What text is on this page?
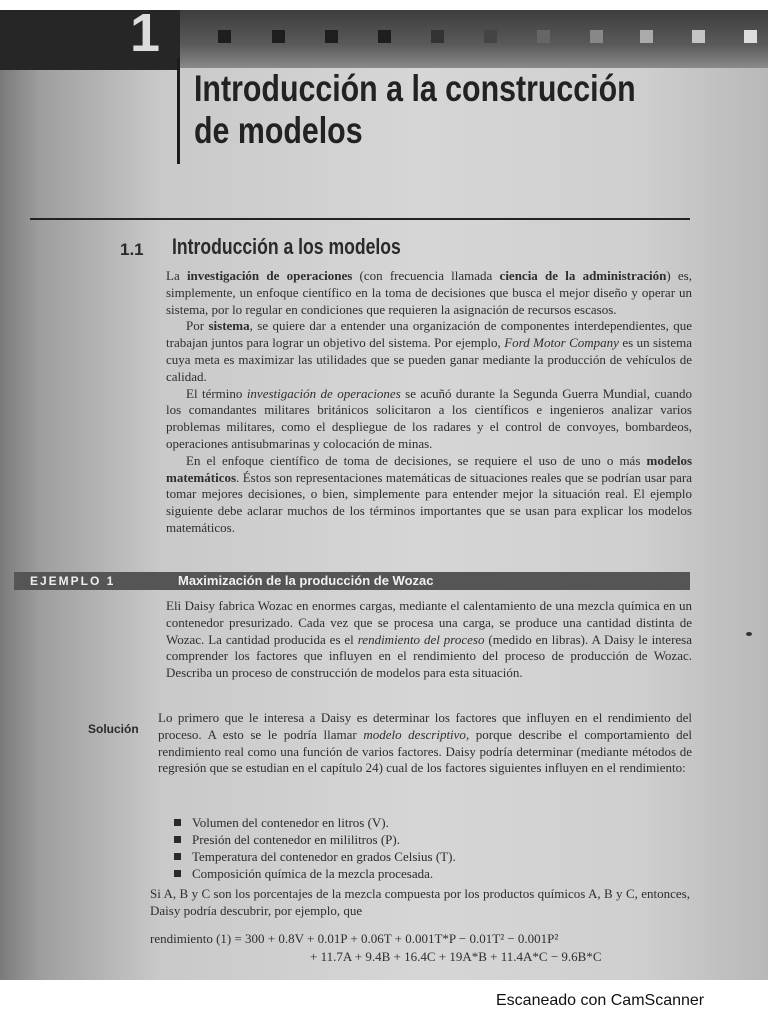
1
Introducción a la construcción
de modelos
1.1 Introducción a los modelos

La investigación de operaciones (con frecuencia llamada ciencia de la administración) es, simplemente, un enfoque científico en la toma de decisiones que busca el mejor diseño y operar un sistema, por lo regular en condiciones que requieren la asignación de recursos escasos.

Por sistema, se quiere dar a entender una organización de componentes interdependientes, que trabajan juntos para lograr un objetivo del sistema. Por ejemplo, Ford Motor Company es un sistema cuya meta es maximizar las utilidades que se pueden ganar mediante la producción de vehículos de calidad.

El término investigación de operaciones se acuñó durante la Segunda Guerra Mundial, cuando los comandantes militares británicos solicitaron a los científicos e ingenieros analizar varios problemas militares, como el despliegue de los radares y el control de convoyes, bombardeos, operaciones antisubmarinas y colocación de minas.

En el enfoque científico de toma de decisiones, se requiere el uso de uno o más modelos matemáticos. Éstos son representaciones matemáticas de situaciones reales que se podrían usar para tomar mejores decisiones, o bien, simplemente para entender mejor la situación real. El ejemplo siguiente debe aclarar muchos de los términos importantes que se usan para explicar los modelos matemáticos.

EJEMPLO 1	Maximización de la producción de Wozac

Eli Daisy fabrica Wozac en enormes cargas, mediante el calentamiento de una mezcla química en un contenedor presurizado. Cada vez que se procesa una carga, se produce una cantidad distinta de Wozac. La cantidad producida es el rendimiento del proceso (medido en libras). A Daisy le interesa comprender los factores que influyen en el rendimiento del proceso de producción de Wozac. Describa un proceso de construcción de modelos para esta situación.

Solución

Lo primero que le interesa a Daisy es determinar los factores que influyen en el rendimiento del proceso. A esto se le podría llamar modelo descriptivo, porque describe el comportamiento del rendimiento real como una función de varios factores. Daisy podría determinar (mediante métodos de regresión que se estudian en el capítulo 24) cual de los factores siguientes influyen en el rendimiento:

Volumen del contenedor en litros (V).
Presión del contenedor en mililitros (P).
Temperatura del contenedor en grados Celsius (T).
Composición química de la mezcla procesada.

Si A, B y C son los porcentajes de la mezcla compuesta por los productos químicos A, B y C, entonces, Daisy podría descubrir, por ejemplo, que

rendimiento (1) = 300 + 0.8V + 0.01P + 0.06T + 0.001T*P − 0.01T² − 0.001P²
+ 11.7A + 9.4B + 16.4C + 19A*B + 11.4A*C − 9.6B*C
Escaneado con CamScanner
